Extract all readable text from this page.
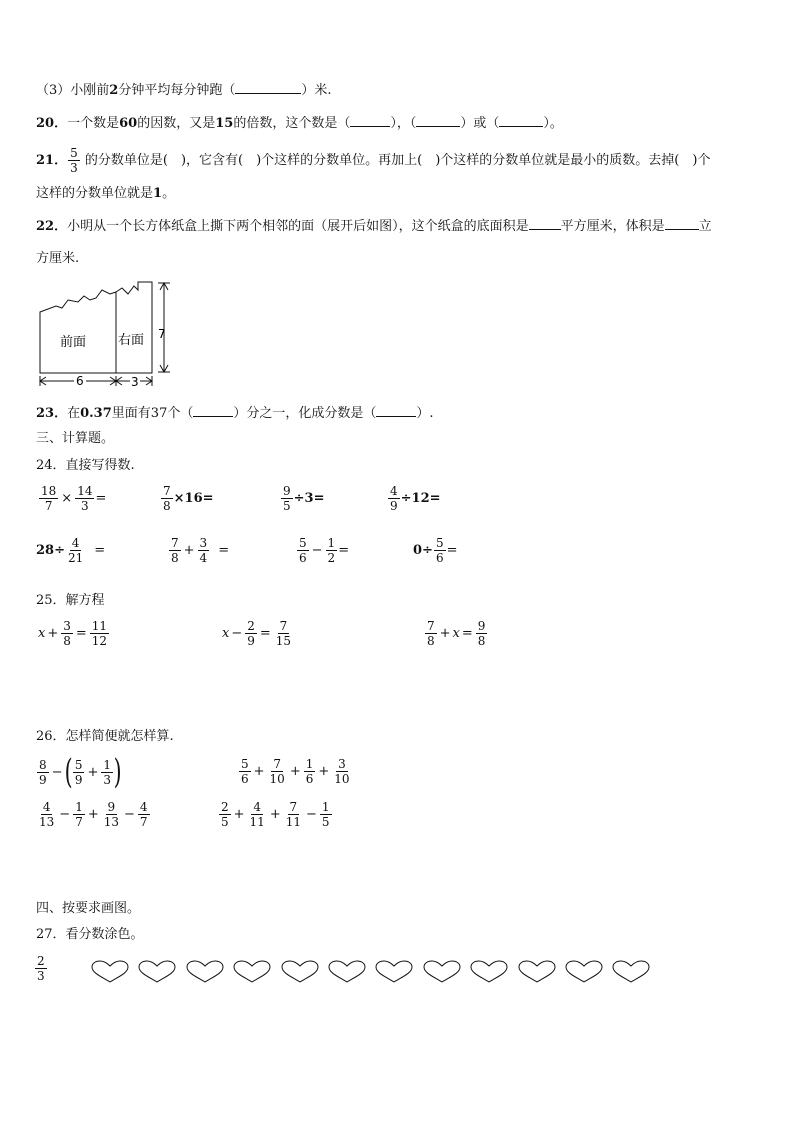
（3）小刚前2分钟平均每分钟跑（	）米.
20．一个数是60的因数，又是15的倍数，这个数是（	），（	）或（	）。
21． $\frac{5}{3}$ 的分数单位是(　)，它含有(　)个这样的分数单位。再加上(　)个这样的分数单位就是最小的质数。去掉(　)个
这样的分数单位就是1。
22．小明从一个长方体纸盒上撕下两个相邻的面（展开后如图），这个纸盒的底面积是 平方厘米，体积是	立
方厘米.
前面 右面 7
6	3
23．在0.37里面有37个（	）分之一，化成分数是（	）.
三、计算题。
24．直接写得数.
$\frac{18}{7} \times \frac{14}{3}$ =	$\frac{7}{8} \times 16=$	$\frac{9}{5} \div 3=$	$\frac{4}{9} \div 12=$
$28\div \frac{4}{21}$ =	$\frac{7}{8} + \frac{3}{4}$ =	$\frac{5}{6} - \frac{1}{2}$ =	$0\div \frac{5}{6}$ =
25．解方程
$x + \frac{3}{8} = \frac{11}{12}$	$x - \frac{2}{9} = \frac{7}{15}$	$\frac{7}{8} + x = \frac{9}{8}$
26．怎样简便就怎样算.
$\frac{8}{9}$ − ( $\frac{5}{9} + \frac{1}{3}$ )	$\frac{5}{6} + \frac{7}{10} + \frac{1}{6} + \frac{3}{10}$
$\frac{4}{13} - \frac{1}{7} + \frac{9}{13} - \frac{4}{7}$	$\frac{2}{5} + \frac{4}{11} + \frac{7}{11} - \frac{1}{5}$
四、按要求画图。
27．看分数涂色。
$\frac{2}{3}$
